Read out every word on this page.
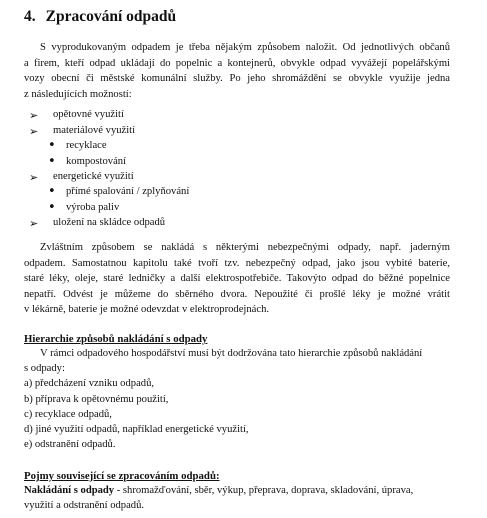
4. Zpracování odpadů
S vyprodukovaným odpadem je třeba nějakým způsobem naložit. Od jednotlivých občanů
a firem, kteří odpad ukládají do popelnic a kontejnerů, obvykle odpad vyvážejí popelářskými
vozy obecní či městské komunální služby. Po jeho shromáždění se obvykle využije jedna
z následujících možností:
➢ opětovné využití
➢ materiálové využití
• recyklace
• kompostování
➢ energetické využití
• přímé spalování / zplyňování
• výroba paliv
➢ uložení na skládce odpadů
Zvláštním způsobem se nakládá s některými nebezpečnými odpady, např. jaderným
odpadem. Samostatnou kapitolu také tvoří tzv. nebezpečný odpad, jako jsou vybité baterie,
staré léky, oleje, staré ledničky a další elektrospotřebiče. Takovýto odpad do běžné popelnice
nepatří. Odvést je můžeme do sběrného dvora. Nepoužité či prošlé léky je možné vrátit
v lékárně, baterie je možné odevzdat v elektroprodejnách.
Hierarchie způsobů nakládání s odpady
V rámci odpadového hospodářství musí být dodržována tato hierarchie způsobů nakládání
s odpady:
a) předcházení vzniku odpadů,
b) příprava k opětovnému použití,
c) recyklace odpadů,
d) jiné využití odpadů, například energetické využití,
e) odstranění odpadů.
Pojmy související se zpracováním odpadů:
Nakládání s odpady - shromažďování, sběr, výkup, přeprava, doprava, skladování, úprava,
využití a odstranění odpadů.
